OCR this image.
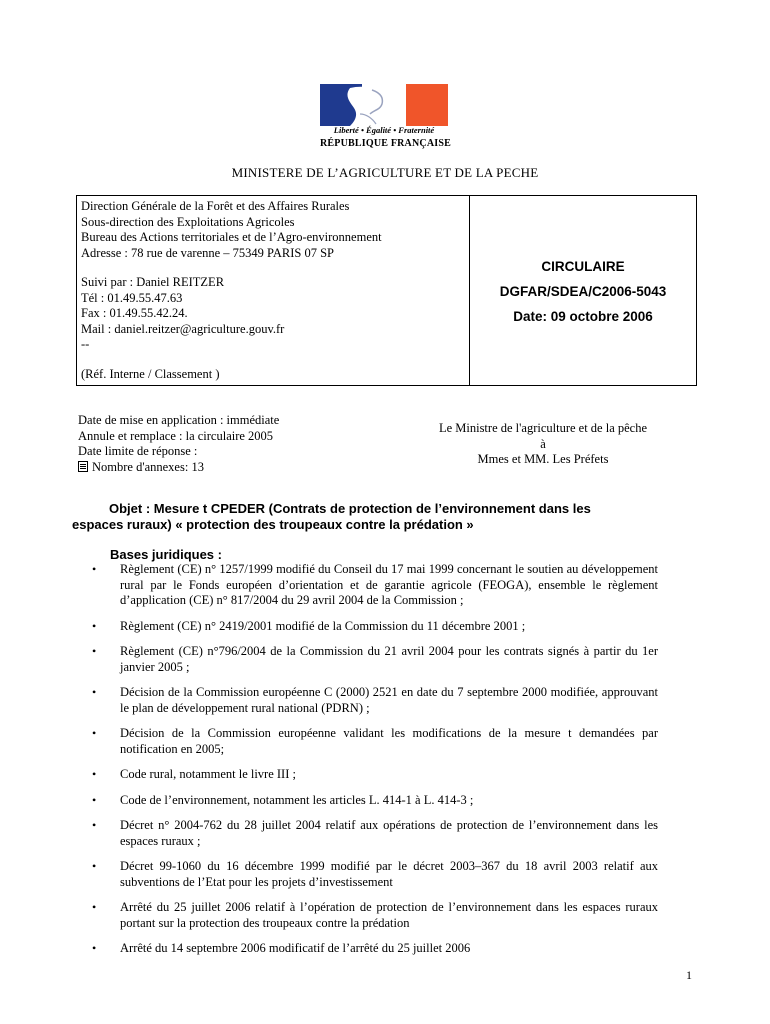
Liberté • Égalité • Fraternité
RÉPUBLIQUE FRANÇAISE
MINISTERE DE L’AGRICULTURE ET DE LA PECHE
Direction Générale de la Forêt et des Affaires Rurales
Sous-direction des Exploitations Agricoles
Bureau des Actions territoriales et de l’Agro-environnement
Adresse : 78 rue de varenne – 75349 PARIS 07 SP
Suivi par : Daniel REITZER
Tél : 01.49.55.47.63
Fax : 01.49.55.42.24.
Mail : daniel.reitzer@agriculture.gouv.fr
--
(Réf. Interne / Classement )
CIRCULAIRE
DGFAR/SDEA/C2006-5043
Date: 09 octobre 2006
Date de mise en application : immédiate
Annule et remplace : la circulaire 2005
Date limite de réponse :
Nombre d'annexes: 13
Le Ministre de l'agriculture et de la pêche
à
Mmes et MM. Les Préfets
Objet : Mesure t CPEDER (Contrats de protection de l’environnement dans les
espaces ruraux) « protection des troupeaux contre la prédation »
Bases juridiques :
• Règlement (CE) n° 1257/1999 modifié du Conseil du 17 mai 1999 concernant le soutien au développement rural par le Fonds européen d’orientation et de garantie agricole (FEOGA), ensemble le règlement d’application (CE) n° 817/2004 du 29 avril 2004 de la Commission ;
• Règlement (CE) n° 2419/2001 modifié de la Commission du 11 décembre 2001 ;
• Règlement (CE) n°796/2004 de la Commission du 21 avril 2004 pour les contrats signés à partir du 1er janvier 2005 ;
• Décision de la Commission européenne C (2000) 2521 en date du 7 septembre 2000 modifiée, approuvant le plan de développement rural national (PDRN) ;
• Décision de la Commission européenne validant les modifications de la mesure t demandées par notification en 2005;
• Code rural, notamment le livre III ;
• Code de l’environnement, notamment les articles L. 414-1 à L. 414-3 ;
• Décret n° 2004-762 du 28 juillet 2004 relatif aux opérations de protection de l’environnement dans les espaces ruraux ;
• Décret 99-1060 du 16 décembre 1999 modifié par le décret 2003–367 du 18 avril 2003 relatif aux subventions de l’Etat pour les projets d’investissement
• Arrêté du 25 juillet 2006 relatif à l’opération de protection de l’environnement dans les espaces ruraux portant sur la protection des troupeaux contre la prédation
• Arrêté du 14 septembre 2006 modificatif de l’arrêté du 25 juillet 2006
1
